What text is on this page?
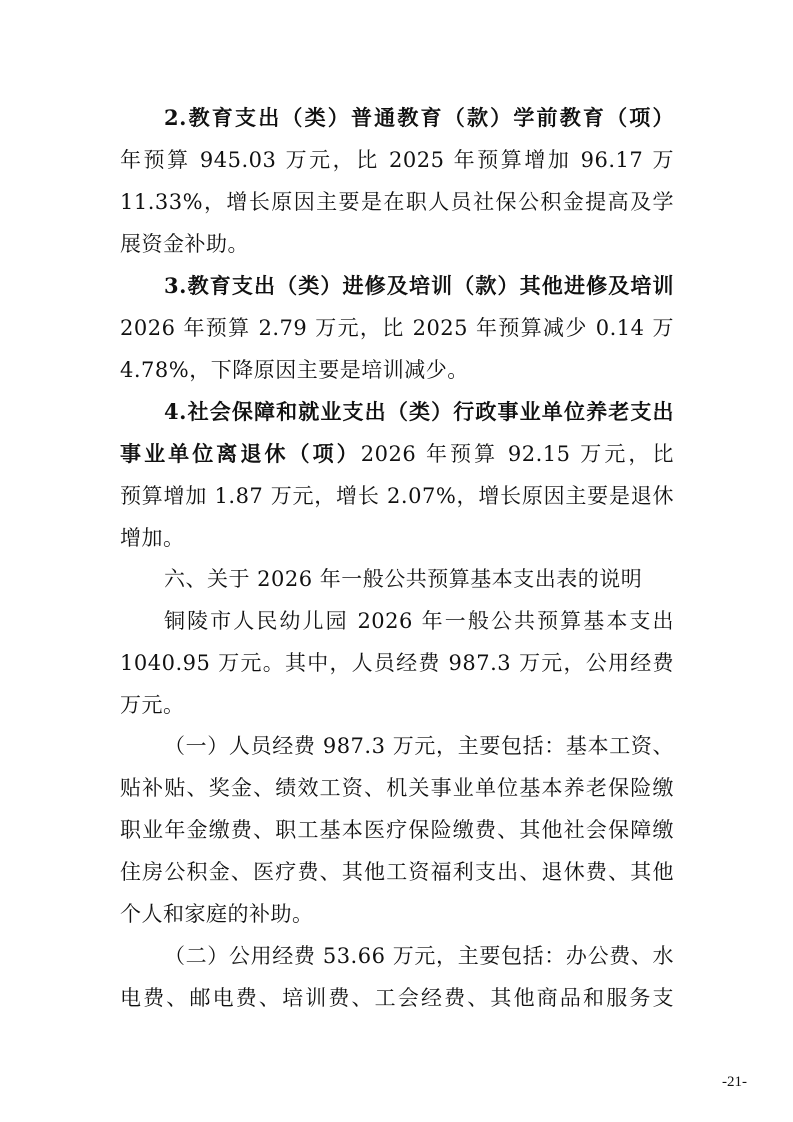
2.教育支出（类）普通教育（款）学前教育（项）
年预算 945.03 万元，比 2025 年预算增加 96.17 万
11.33%，增长原因主要是在职人员社保公积金提高及学
展资金补助。
3.教育支出（类）进修及培训（款）其他进修及培训
2026 年预算 2.79 万元，比 2025 年预算减少 0.14 万
4.78%，下降原因主要是培训减少。
4.社会保障和就业支出（类）行政事业单位养老支出
事业单位离退休（项）2026 年预算 92.15 万元，比
预算增加 1.87 万元，增长 2.07%，增长原因主要是退休
增加。
六、关于 2026 年一般公共预算基本支出表的说明
铜陵市人民幼儿园 2026 年一般公共预算基本支出
1040.95 万元。其中，人员经费 987.3 万元，公用经费
万元。
（一）人员经费 987.3 万元，主要包括：基本工资、
贴补贴、奖金、绩效工资、机关事业单位基本养老保险缴
职业年金缴费、职工基本医疗保险缴费、其他社会保障缴
住房公积金、医疗费、其他工资福利支出、退休费、其他
个人和家庭的补助。
（二）公用经费 53.66 万元，主要包括：办公费、水
电费、邮电费、培训费、工会经费、其他商品和服务支
-21-
